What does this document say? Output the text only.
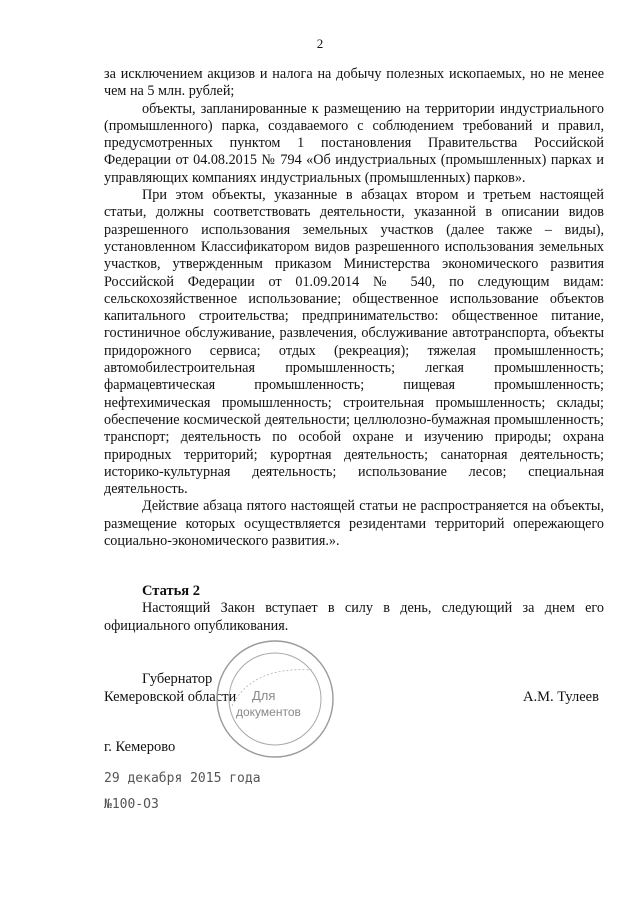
2

за исключением акцизов и налога на добычу полезных ископаемых, но не менее чем на 5 млн. рублей;

объекты, запланированные к размещению на территории индустриального (промышленного) парка, создаваемого с соблюдением требований и правил, предусмотренных пунктом 1 постановления Правительства Российской Федерации от 04.08.2015 № 794 «Об индустриальных (промышленных) парках и управляющих компаниях индустриальных (промышленных) парков».

При этом объекты, указанные в абзацах втором и третьем настоящей статьи, должны соответствовать деятельности, указанной в описании видов разрешенного использования земельных участков (далее также – виды), установленном Классификатором видов разрешенного использования земельных участков, утвержденным приказом Министерства экономического развития Российской Федерации от 01.09.2014 № 540, по следующим видам: сельскохозяйственное использование; общественное использование объектов капитального строительства; предпринимательство: общественное питание, гостиничное обслуживание, развлечения, обслуживание автотранспорта, объекты придорожного сервиса; отдых (рекреация); тяжелая промышленность; автомобилестроительная промышленность; легкая промышленность; фармацевтическая промышленность; пищевая промышленность; нефтехимическая промышленность; строительная промышленность; склады; обеспечение космической деятельности; целлюлозно-бумажная промышленность; транспорт; деятельность по особой охране и изучению природы; охрана природных территорий; курортная деятельность; санаторная деятельность; историко-культурная деятельность; использование лесов; специальная деятельность.

Действие абзаца пятого настоящей статьи не распространяется на объекты, размещение которых осуществляется резидентами территорий опережающего социально-экономического развития.».

Статья 2
Настоящий Закон вступает в силу в день, следующий за днем его официального опубликования.
Губернатор
Кемеровской области	А.М. Тулеев
Для
документов
г. Кемерово
29 декабря 2015 года
№100-ОЗ
